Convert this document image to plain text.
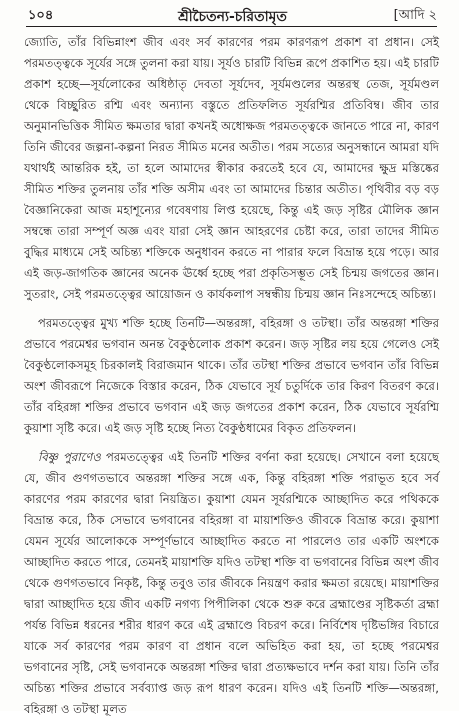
১০৪	শ্রীচৈতন্য-চরিতামৃত	[আদি ২

জ্যোতি, তাঁর বিভিন্নাংশ জীব এবং সর্ব কারণের পরম কারণরূপ প্রকাশ বা প্রধান। সেই পরমতত্ত্বকে সূর্যের সঙ্গে তুলনা করা যায়। সূর্যও চারটি বিভিন্ন রূপে প্রকাশিত হয়। এই চারটি প্রকাশ হচ্ছে—সূর্যলোকের অধিষ্ঠাতৃ দেবতা সূর্যদেব, সূর্যমণ্ডলের অন্তরস্থ তেজ, সূর্যমণ্ডল থেকে বিচ্ছুরিত রশ্মি এবং অন্যান্য বস্তুতে প্রতিফলিত সূর্যরশ্মির প্রতিবিম্ব। জীব তার অনুমানভিত্তিক সীমিত ক্ষমতার দ্বারা কখনই অধোক্ষজ পরমতত্ত্বকে জানতে পারে না, কারণ তিনি জীবের জল্পনা-কল্পনা নিরত সীমিত মনের অতীত। পরম সত্যের অনুসন্ধানে আমরা যদি যথার্থই আন্তরিক হই, তা হলে আমাদের স্বীকার করতেই হবে যে, আমাদের ক্ষুদ্র মস্তিষ্কের সীমিত শক্তির তুলনায় তাঁর শক্তি অসীম এবং তা আমাদের চিন্তার অতীত। পৃথিবীর বড় বড় বৈজ্ঞানিকেরা আজ মহাশূন্যের গবেষণায় লিপ্ত হয়েছে, কিন্তু এই জড় সৃষ্টির মৌলিক জ্ঞান সম্বন্ধে তারা সম্পূর্ণ অজ্ঞ এবং যারা সেই জ্ঞান আহরণের চেষ্টা করে, তারা তাদের সীমিত বুদ্ধির মাধ্যমে সেই অচিন্ত্য শক্তিকে অনুধাবন করতে না পারার ফলে বিভ্রান্ত হয়ে পড়ে। আর এই জড়-জাগতিক জ্ঞানের অনেক ঊর্ধ্বে হচ্ছে পরা প্রকৃতিসম্ভূত সেই চিন্ময় জগতের জ্ঞান। সুতরাং, সেই পরমতত্ত্বের আয়োজন ও কার্যকলাপ সম্বন্ধীয় চিন্ময় জ্ঞান নিঃসন্দেহে অচিন্ত্য।

পরমতত্ত্বের মুখ্য শক্তি হচ্ছে তিনটি—অন্তরঙ্গা, বহিরঙ্গা ও তটস্থা। তাঁর অন্তরঙ্গা শক্তির প্রভাবে পরমেশ্বর ভগবান অনন্ত বৈকুণ্ঠলোক প্রকাশ করেন। জড় সৃষ্টির লয় হয়ে গেলেও সেই বৈকুণ্ঠলোকসমূহ চিরকালই বিরাজমান থাকে। তাঁর তটস্থা শক্তির প্রভাবে ভগবান তাঁর বিভিন্ন অংশ জীবরূপে নিজেকে বিস্তার করেন, ঠিক যেভাবে সূর্য চতুর্দিকে তার কিরণ বিতরণ করে। তাঁর বহিরঙ্গা শক্তির প্রভাবে ভগবান এই জড় জগতের প্রকাশ করেন, ঠিক যেভাবে সূর্যরশ্মি কুয়াশা সৃষ্টি করে। এই জড় সৃষ্টি হচ্ছে নিত্য বৈকুণ্ঠধামের বিকৃত প্রতিফলন।

বিষ্ণু পুরাণেও পরমতত্ত্বের এই তিনটি শক্তির বর্ণনা করা হয়েছে। সেখানে বলা হয়েছে যে, জীব গুণগতভাবে অন্তরঙ্গা শক্তির সঙ্গে এক, কিন্তু বহিরঙ্গা শক্তি পরাভূত হবে সর্ব কারণের পরম কারণের দ্বারা নিয়ন্ত্রিত। কুয়াশা যেমন সূর্যরশ্মিকে আচ্ছাদিত করে পথিককে বিভ্রান্ত করে, ঠিক সেভাবে ভগবানের বহিরঙ্গা বা মায়াশক্তিও জীবকে বিভ্রান্ত করে। কুয়াশা যেমন সূর্যের আলোককে সম্পূর্ণভাবে আচ্ছাদিত করতে না পারলেও তার একটি অংশকে আচ্ছাদিত করতে পারে, তেমনই মায়াশক্তি যদিও তটস্থা শক্তি বা ভগবানের বিভিন্ন অংশ জীব থেকে গুণগতভাবে নিকৃষ্ট, কিন্তু তবুও তার জীবকে নিয়ন্ত্রণ করার ক্ষমতা রয়েছে। মায়াশক্তির দ্বারা আচ্ছাদিত হয়ে জীব একটি নগণ্য পিপীলিকা থেকে শুরু করে ব্রহ্মাণ্ডের সৃষ্টিকর্তা ব্রহ্মা পর্যন্ত বিভিন্ন ধরনের শরীর ধারণ করে এই ব্রহ্মাণ্ডে বিচরণ করে। নির্বিশেষ দৃষ্টিভঙ্গির বিচারে যাকে সর্ব কারণের পরম কারণ বা প্রধান বলে অভিহিত করা হয়, তা হচ্ছে পরমেশ্বর ভগবানের সৃষ্টি, সেই ভগবানকে অন্তরঙ্গা শক্তির দ্বারা প্রত্যক্ষভাবে দর্শন করা যায়। তিনি তাঁর অচিন্ত্য শক্তির প্রভাবে সর্বব্যাপ্ত জড় রূপ ধারণ করেন। যদিও এই তিনটি শক্তি—অন্তরঙ্গা, বহিরঙ্গা ও তটস্থা মূলত
